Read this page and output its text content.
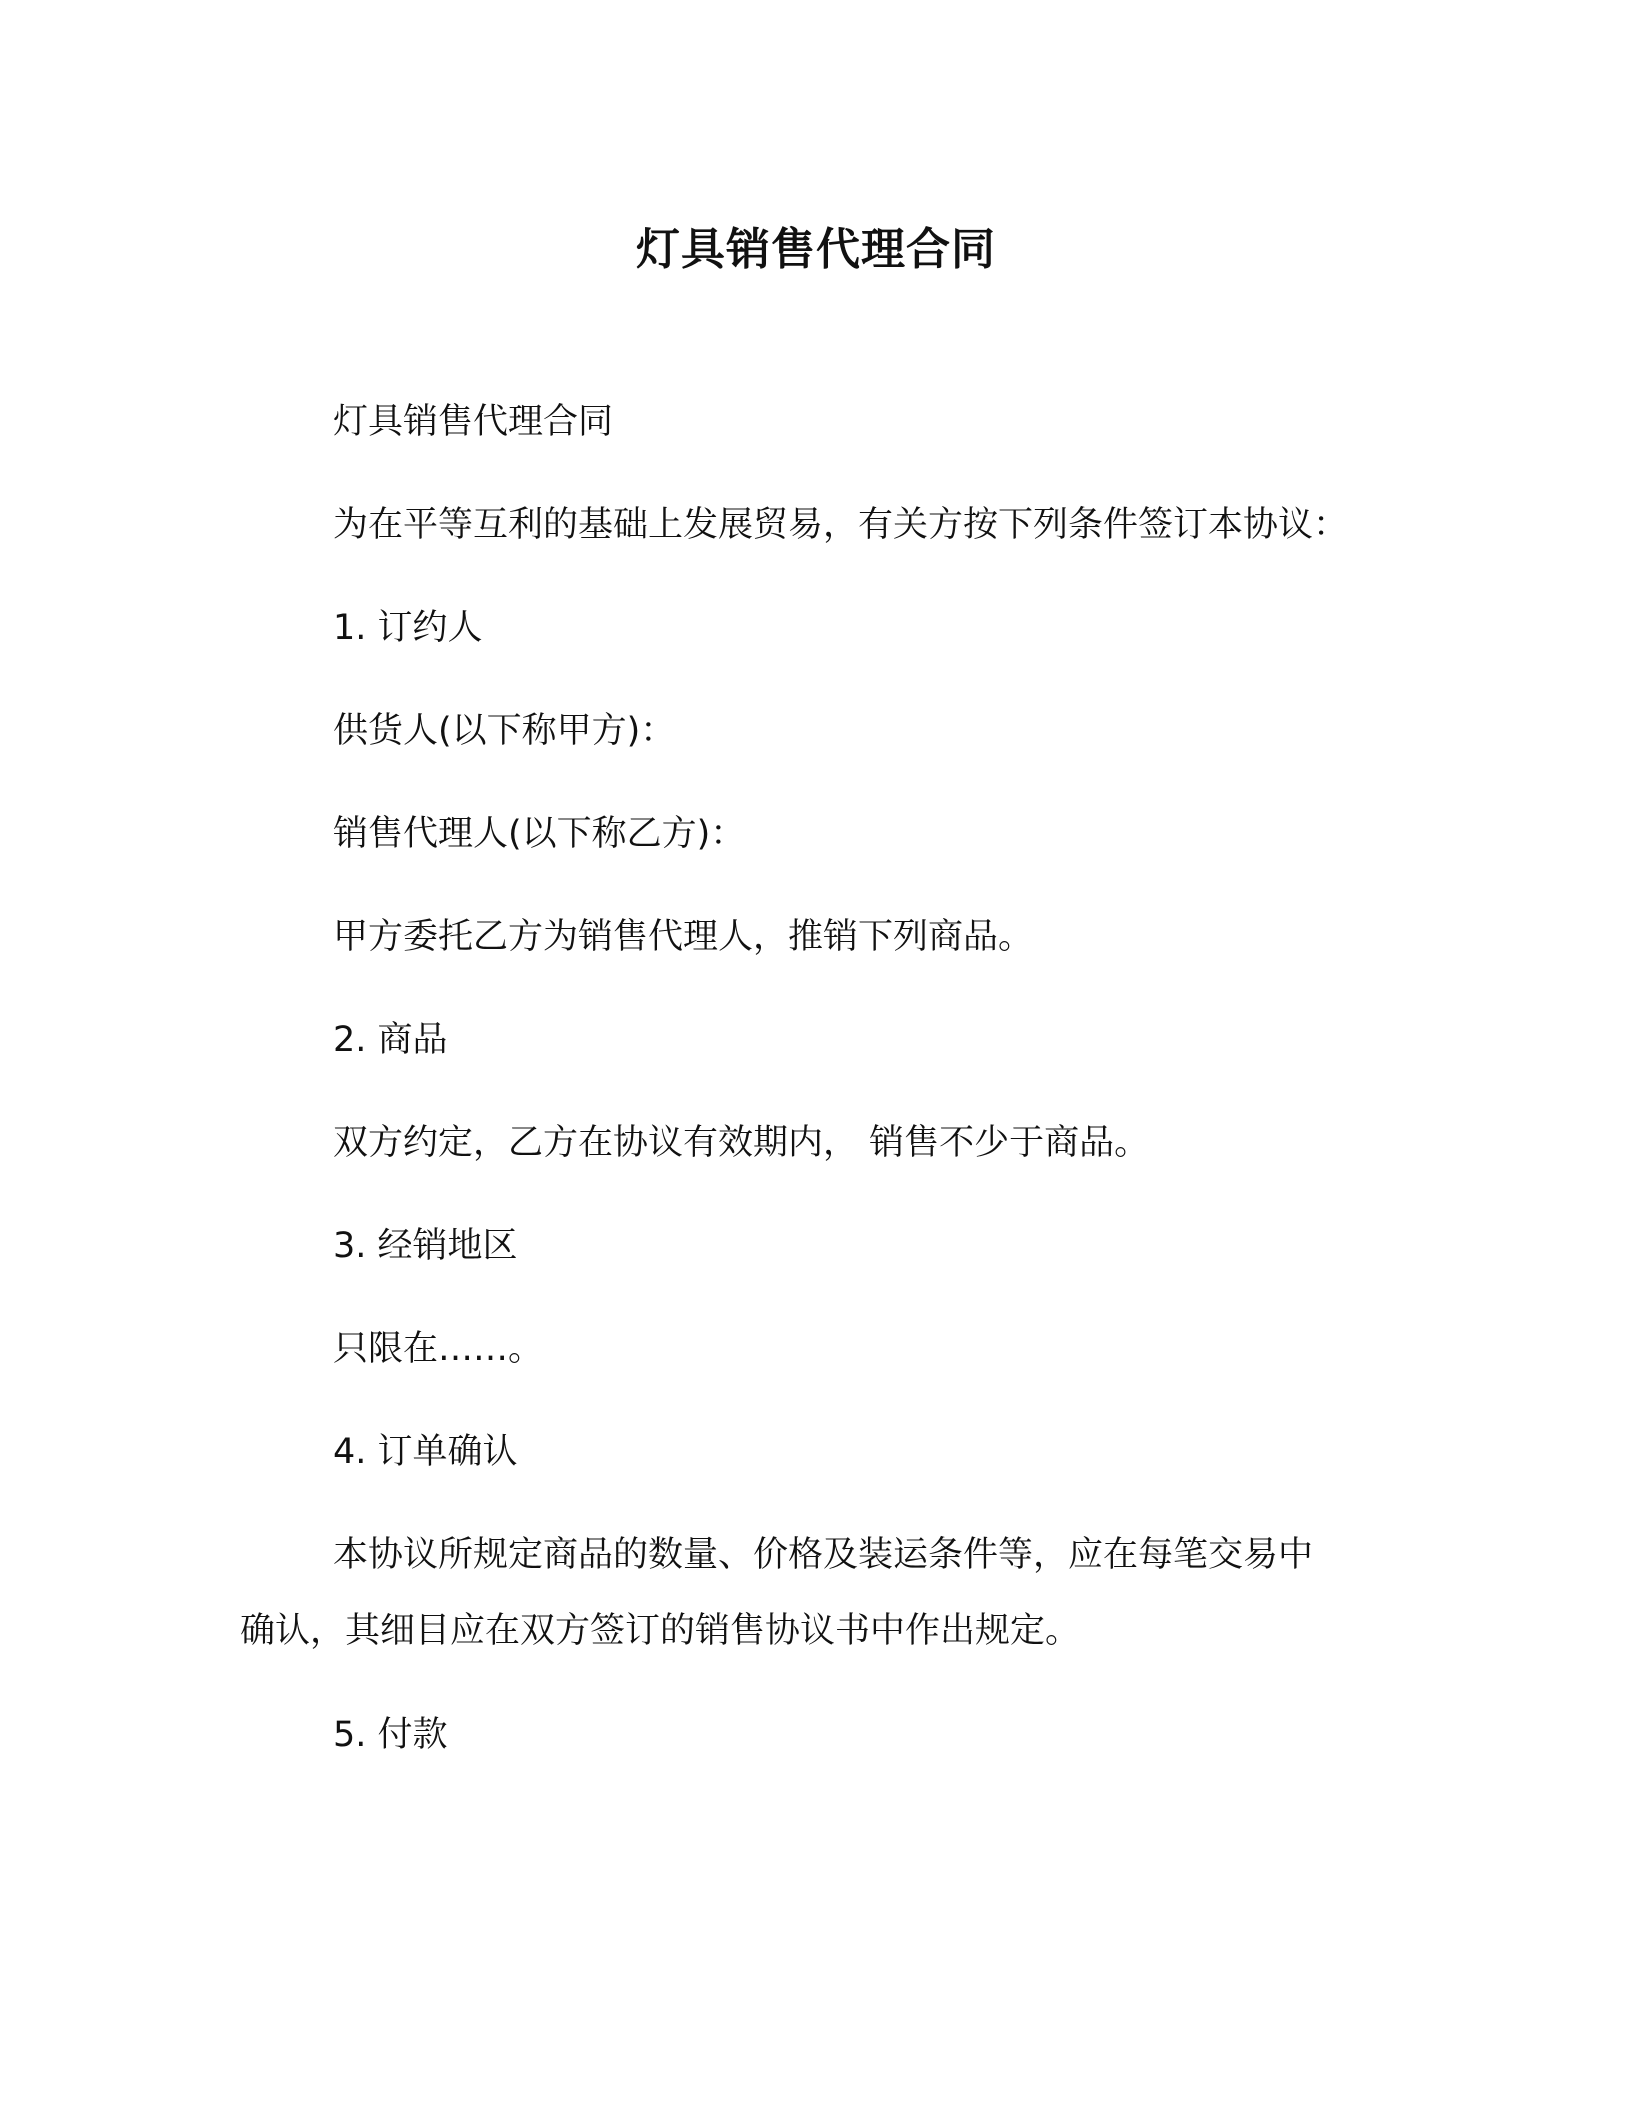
灯具销售代理合同
灯具销售代理合同
为在平等互利的基础上发展贸易，有关方按下列条件签订本协议：
1. 订约人
供货人(以下称甲方)：
销售代理人(以下称乙方)：
甲方委托乙方为销售代理人，推销下列商品。
2. 商品
双方约定，乙方在协议有效期内， 销售不少于商品。
3. 经销地区
只限在……。
4. 订单确认
本协议所规定商品的数量、价格及装运条件等，应在每笔交易中
确认，其细目应在双方签订的销售协议书中作出规定。
5. 付款
